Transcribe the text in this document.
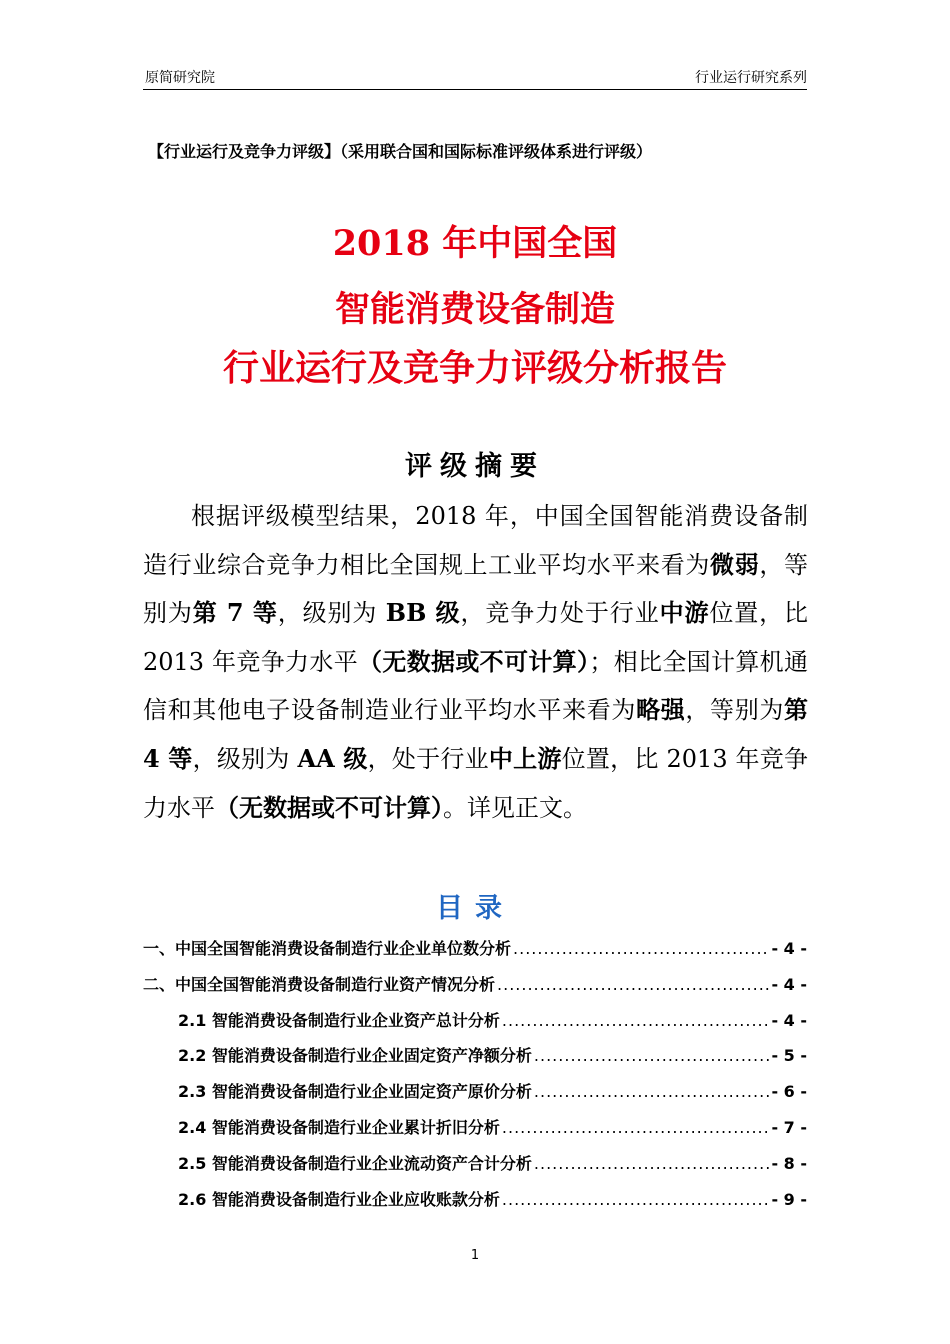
原简研究院	行业运行研究系列
【行业运行及竞争力评级】（采用联合国和国际标准评级体系进行评级）
2018 年中国全国
智能消费设备制造
行业运行及竞争力评级分析报告
评级摘要

根据评级模型结果，2018 年，中国全国智能消费设备制造行业综合竞争力相比全国规上工业平均水平来看为微弱，等别为第 7 等，级别为 BB 级，竞争力处于行业中游位置，比 2013 年竞争力水平（无数据或不可计算）；相比全国计算机通信和其他电子设备制造业行业平均水平来看为略强，等别为第 4 等，级别为 AA 级，处于行业中上游位置，比 2013 年竞争力水平（无数据或不可计算）。详见正文。

目录
一、中国全国智能消费设备制造行业企业单位数分析 .....	- 4 -
二、中国全国智能消费设备制造行业资产情况分析 .....	- 4 -
2.1 智能消费设备制造行业企业资产总计分析 .....	- 4 -
2.2 智能消费设备制造行业企业固定资产净额分析 .....	- 5 -
2.3 智能消费设备制造行业企业固定资产原价分析 .....	- 6 -
2.4 智能消费设备制造行业企业累计折旧分析 .....	- 7 -
2.5 智能消费设备制造行业企业流动资产合计分析 .....	- 8 -
2.6 智能消费设备制造行业企业应收账款分析 .....	- 9 -
1
